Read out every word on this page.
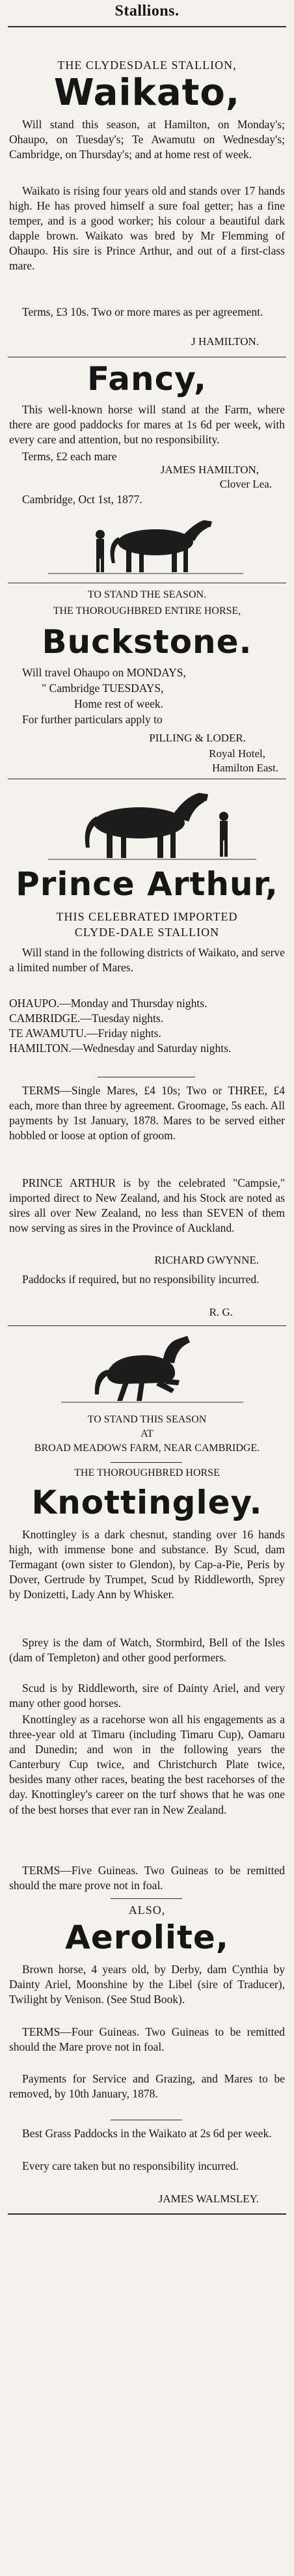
Stallions.
THE CLYDESDALE STALLION,
Waikato,
Will stand this season, at Hamilton, on Monday's; Ohaupo, on Tuesday's; Te Awamutu on Wednesday's; Cambridge, on Thursday's; and at home rest of week.
Waikato is rising four years old and stands over 17 hands high. He has proved himself a sure foal getter; has a fine temper, and is a good worker; his colour a beautiful dark dapple brown. Waikato was bred by Mr Flemming of Ohaupo. His sire is Prince Arthur, and out of a first-class mare.
Terms, £3 10s. Two or more mares as per agreement.
J HAMILTON.
Fancy,
This well-known horse will stand at the Farm, where there are good paddocks for mares at 1s 6d per week, with every care and attention, but no responsibility.
Terms, £2 each mare
JAMES HAMILTON,
Clover Lea.
Cambridge, Oct 1st, 1877.
TO STAND THE SEASON.
THE THOROUGHBRED ENTIRE HORSE,
Buckstone.
Will travel Ohaupo on MONDAYS,
" Cambridge TUESDAYS,
Home rest of week.
For further particulars apply to
PILLING & LODER.
Royal Hotel,
Hamilton East.
Prince Arthur,
THIS CELEBRATED IMPORTED
CLYDE-DALE STALLION
Will stand in the following districts of Waikato, and serve a limited number of Mares.
OHAUPO.—Monday and Thursday nights.
CAMBRIDGE.—Tuesday nights.
TE AWAMUTU.—Friday nights.
HAMILTON.—Wednesday and Saturday nights.
TERMS—Single Mares, £4 10s; Two or THREE, £4 each, more than three by agreement. Groomage, 5s each. All payments by 1st January, 1878. Mares to be served either hobbled or loose at option of groom.
PRINCE ARTHUR is by the celebrated "Campsie," imported direct to New Zealand, and his Stock are noted as sires all over New Zealand, no less than SEVEN of them now serving as sires in the Province of Auckland.
RICHARD GWYNNE.
Paddocks if required, but no responsibility incurred.
R. G.
TO STAND THIS SEASON
AT
BROAD MEADOWS FARM, NEAR CAMBRIDGE.
THE THOROUGHBRED HORSE
Knottingley.
Knottingley is a dark chesnut, standing over 16 hands high, with immense bone and substance. By Scud, dam Termagant (own sister to Glendon), by Cap-a-Pie, Peris by Dover, Gertrude by Trumpet, Scud by Riddleworth, Sprey by Donizetti, Lady Ann by Whisker.
Sprey is the dam of Watch, Stormbird, Bell of the Isles (dam of Templeton) and other good performers.
Scud is by Riddleworth, sire of Dainty Ariel, and very many other good horses.
Knottingley as a racehorse won all his engagements as a three-year old at Timaru (including Timaru Cup), Oamaru and Dunedin; and won in the following years the Canterbury Cup twice, and Christchurch Plate twice, besides many other races, beating the best racehorses of the day. Knottingley's career on the turf shows that he was one of the best horses that ever ran in New Zealand.
TERMS—Five Guineas. Two Guineas to be remitted should the mare prove not in foal.
ALSO,
Aerolite,
Brown horse, 4 years old, by Derby, dam Cynthia by Dainty Ariel, Moonshine by the Libel (sire of Traducer), Twilight by Venison. (See Stud Book).
TERMS—Four Guineas. Two Guineas to be remitted should the Mare prove not in foal.
Payments for Service and Grazing, and Mares to be removed, by 10th January, 1878.
Best Grass Paddocks in the Waikato at 2s 6d per week.
Every care taken but no responsibility incurred.
JAMES WALMSLEY.
